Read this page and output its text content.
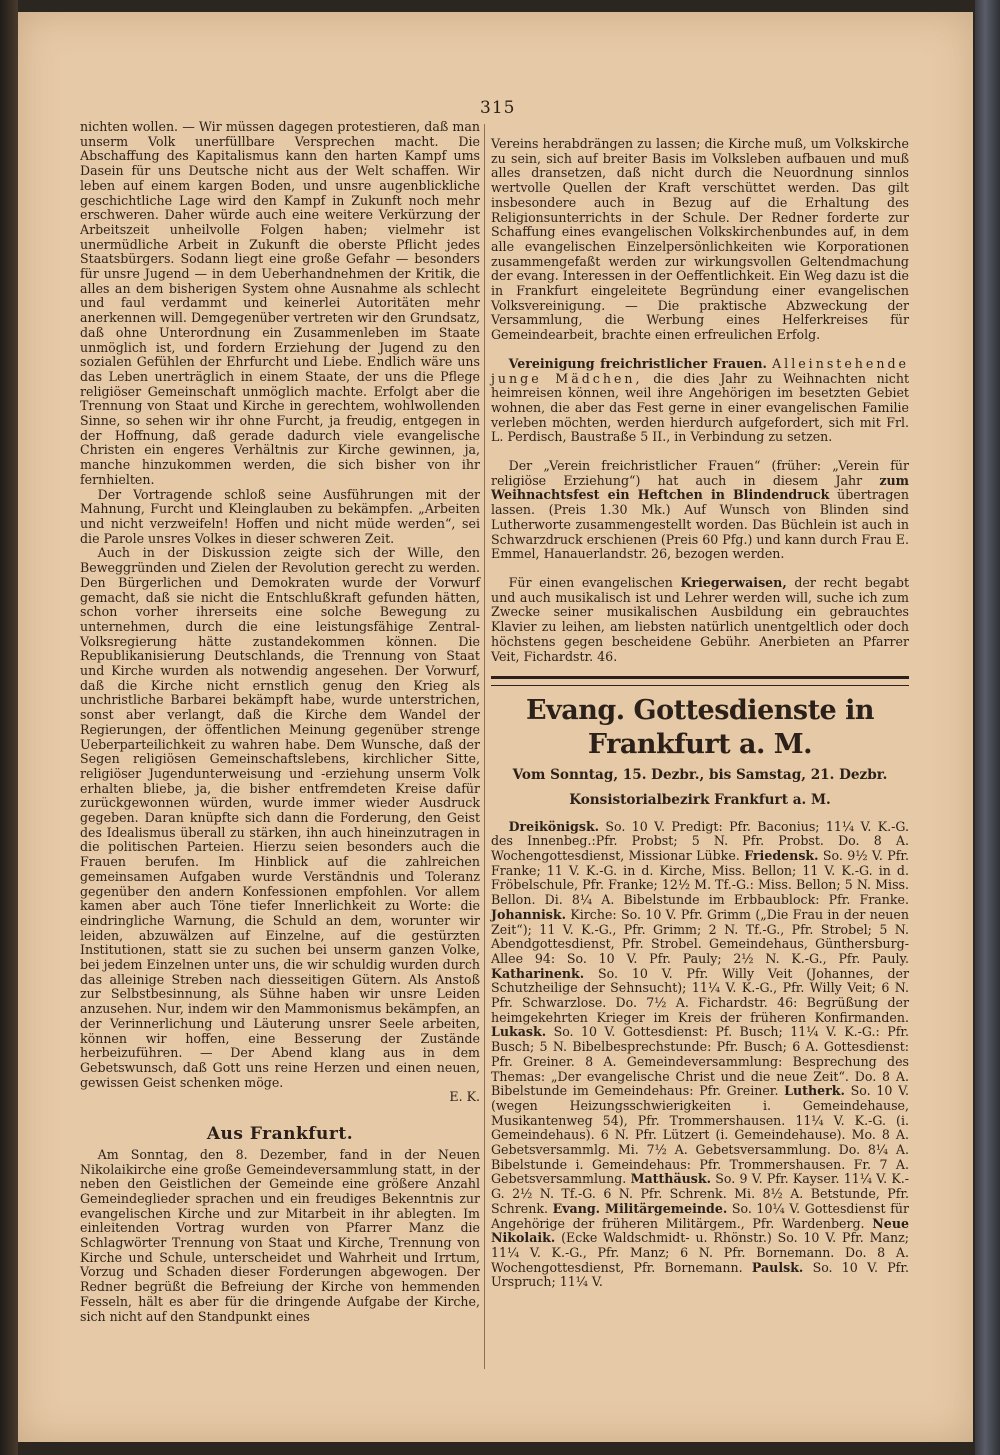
315

nichten wollen. — Wir müssen dagegen protestieren, daß man unserm Volk unerfüllbare Versprechen macht. Die Abschaffung des Kapitalismus kann den harten Kampf ums Dasein für uns Deutsche nicht aus der Welt schaffen. Wir leben auf einem kargen Boden, und unsre augenblickliche geschichtliche Lage wird den Kampf in Zukunft noch mehr erschweren. Daher würde auch eine weitere Verkürzung der Arbeitszeit unheilvolle Folgen haben; vielmehr ist unermüdliche Arbeit in Zukunft die oberste Pflicht jedes Staatsbürgers. Sodann liegt eine große Gefahr — besonders für unsre Jugend — in dem Ueberhandnehmen der Kritik, die alles an dem bisherigen System ohne Ausnahme als schlecht und faul verdammt und keinerlei Autoritäten mehr anerkennen will. Demgegenüber vertreten wir den Grundsatz, daß ohne Unterordnung ein Zusammenleben im Staate unmöglich ist, und fordern Erziehung der Jugend zu den sozialen Gefühlen der Ehrfurcht und Liebe. Endlich wäre uns das Leben unerträglich in einem Staate, der uns die Pflege religiöser Gemeinschaft unmöglich machte. Erfolgt aber die Trennung von Staat und Kirche in gerechtem, wohlwollenden Sinne, so sehen wir ihr ohne Furcht, ja freudig, entgegen in der Hoffnung, daß gerade dadurch viele evangelische Christen ein engeres Verhältnis zur Kirche gewinnen, ja, manche hinzukommen werden, die sich bisher von ihr fernhielten.

Der Vortragende schloß seine Ausführungen mit der Mahnung, Furcht und Kleinglauben zu bekämpfen. „Arbeiten und nicht verzweifeln! Hoffen und nicht müde werden“, sei die Parole unsres Volkes in dieser schweren Zeit.

Auch in der Diskussion zeigte sich der Wille, den Beweggründen und Zielen der Revolution gerecht zu werden. Den Bürgerlichen und Demokraten wurde der Vorwurf gemacht, daß sie nicht die Entschlußkraft gefunden hätten, schon vorher ihrerseits eine solche Bewegung zu unternehmen, durch die eine leistungsfähige Zentral-Volksregierung hätte zustandekommen können. Die Republikanisierung Deutschlands, die Trennung von Staat und Kirche wurden als notwendig angesehen. Der Vorwurf, daß die Kirche nicht ernstlich genug den Krieg als unchristliche Barbarei bekämpft habe, wurde unterstrichen, sonst aber verlangt, daß die Kirche dem Wandel der Regierungen, der öffentlichen Meinung gegenüber strenge Ueberparteilichkeit zu wahren habe. Dem Wunsche, daß der Segen religiösen Gemeinschaftslebens, kirchlicher Sitte, religiöser Jugendunterweisung und -erziehung unserm Volk erhalten bliebe, ja, die bisher entfremdeten Kreise dafür zurückgewonnen würden, wurde immer wieder Ausdruck gegeben. Daran knüpfte sich dann die Forderung, den Geist des Idealismus überall zu stärken, ihn auch hineinzutragen in die politischen Parteien. Hierzu seien besonders auch die Frauen berufen. Im Hinblick auf die zahlreichen gemeinsamen Aufgaben wurde Verständnis und Toleranz gegenüber den andern Konfessionen empfohlen. Vor allem kamen aber auch Töne tiefer Innerlichkeit zu Worte: die eindringliche Warnung, die Schuld an dem, worunter wir leiden, abzuwälzen auf Einzelne, auf die gestürzten Institutionen, statt sie zu suchen bei unserm ganzen Volke, bei jedem Einzelnen unter uns, die wir schuldig wurden durch das alleinige Streben nach diesseitigen Gütern. Als Anstoß zur Selbstbesinnung, als Sühne haben wir unsre Leiden anzusehen. Nur, indem wir den Mammonismus bekämpfen, an der Verinnerlichung und Läuterung unsrer Seele arbeiten, können wir hoffen, eine Besserung der Zustände herbeizuführen. — Der Abend klang aus in dem Gebetswunsch, daß Gott uns reine Herzen und einen neuen, gewissen Geist schenken möge.

E. K.
Aus Frankfurt.

Am Sonntag, den 8. Dezember, fand in der Neuen Nikolaikirche eine große Gemeindeversammlung statt, in der neben den Geistlichen der Gemeinde eine größere Anzahl Gemeindeglieder sprachen und ein freudiges Bekenntnis zur evangelischen Kirche und zur Mitarbeit in ihr ablegten. Im einleitenden Vortrag wurden von Pfarrer Manz die Schlagwörter Trennung von Staat und Kirche, Trennung von Kirche und Schule, unterscheidet und Wahrheit und Irrtum, Vorzug und Schaden dieser Forderungen abgewogen. Der Redner begrüßt die Befreiung der Kirche von hemmenden Fesseln, hält es aber für die dringende Aufgabe der Kirche, sich nicht auf den Standpunkt eines

Vereins herabdrängen zu lassen; die Kirche muß, um Volkskirche zu sein, sich auf breiter Basis im Volksleben aufbauen und muß alles dransetzen, daß nicht durch die Neuordnung sinnlos wertvolle Quellen der Kraft verschüttet werden. Das gilt insbesondere auch in Bezug auf die Erhaltung des Religionsunterrichts in der Schule. Der Redner forderte zur Schaffung eines evangelischen Volkskirchenbundes auf, in dem alle evangelischen Einzelpersönlichkeiten wie Korporationen zusammengefaßt werden zur wirkungsvollen Geltendmachung der evang. Interessen in der Oeffentlichkeit. Ein Weg dazu ist die in Frankfurt eingeleitete Begründung einer evangelischen Volksvereinigung. — Die praktische Abzweckung der Versammlung, die Werbung eines Helferkreises für Gemeindearbeit, brachte einen erfreulichen Erfolg.

Vereinigung freichristlicher Frauen. Alleinstehende junge Mädchen, die dies Jahr zu Weihnachten nicht heimreisen können, weil ihre Angehörigen im besetzten Gebiet wohnen, die aber das Fest gerne in einer evangelischen Familie verleben möchten, werden hierdurch aufgefordert, sich mit Frl. L. Perdisch, Baustraße 5 II., in Verbindung zu setzen.

Der „Verein freichristlicher Frauen“ (früher: „Verein für religiöse Erziehung“) hat auch in diesem Jahr zum Weihnachtsfest ein Heftchen in Blindendruck übertragen lassen. (Preis 1.30 Mk.) Auf Wunsch von Blinden sind Lutherworte zusammengestellt worden. Das Büchlein ist auch in Schwarzdruck erschienen (Preis 60 Pfg.) und kann durch Frau E. Emmel, Hanauerlandstr. 26, bezogen werden.

Für einen evangelischen Kriegerwaisen, der recht begabt und auch musikalisch ist und Lehrer werden will, suche ich zum Zwecke seiner musikalischen Ausbildung ein gebrauchtes Klavier zu leihen, am liebsten natürlich unentgeltlich oder doch höchstens gegen bescheidene Gebühr. Anerbieten an Pfarrer Veit, Fichardstr. 46.

Evang. Gottesdienste in Frankfurt a. M.
Vom Sonntag, 15. Dezbr., bis Samstag, 21. Dezbr.
Konsistorialbezirk Frankfurt a. M.

Dreikönigsk. So. 10 V. Predigt: Pfr. Baconius; 11¼ V. K.-G. des Innenbeg.:Pfr. Probst; 5 N. Pfr. Probst. Do. 8 A. Wochengottesdienst, Missionar Lübke. Friedensk. So. 9½ V. Pfr. Franke; 11 V. K.-G. in d. Kirche, Miss. Bellon; 11 V. K.-G. in d. Fröbelschule, Pfr. Franke; 12½ M. Tf.-G.: Miss. Bellon; 5 N. Miss. Bellon. Di. 8¼ A. Bibelstunde im Erbbaublock: Pfr. Franke. Johannisk. Kirche: So. 10 V. Pfr. Grimm („Die Frau in der neuen Zeit“); 11 V. K.-G., Pfr. Grimm; 2 N. Tf.-G., Pfr. Strobel; 5 N. Abendgottesdienst, Pfr. Strobel. Gemeindehaus, Günthersburg-Allee 94: So. 10 V. Pfr. Pauly; 2½ N. K.-G., Pfr. Pauly. Katharinenk. So. 10 V. Pfr. Willy Veit (Johannes, der Schutzheilige der Sehnsucht); 11¼ V. K.-G., Pfr. Willy Veit; 6 N. Pfr. Schwarzlose. Do. 7½ A. Fichardstr. 46: Begrüßung der heimgekehrten Krieger im Kreis der früheren Konfirmanden. Lukask. So. 10 V. Gottesdienst: Pf. Busch; 11¼ V. K.-G.: Pfr. Busch; 5 N. Bibelbesprechstunde: Pfr. Busch; 6 A. Gottesdienst: Pfr. Greiner. 8 A. Gemeindeversammlung: Besprechung des Themas: „Der evangelische Christ und die neue Zeit“. Do. 8 A. Bibelstunde im Gemeindehaus: Pfr. Greiner. Lutherk. So. 10 V. (wegen Heizungsschwierigkeiten i. Gemeindehause, Musikantenweg 54), Pfr. Trommershausen. 11¼ V. K.-G. (i. Gemeindehaus). 6 N. Pfr. Lützert (i. Gemeindehause). Mo. 8 A. Gebetsversammlg. Mi. 7½ A. Gebetsversammlung. Do. 8¼ A. Bibelstunde i. Gemeindehaus: Pfr. Trommershausen. Fr. 7 A. Gebetsversammlung. Matthäusk. So. 9 V. Pfr. Kayser. 11¼ V. K.-G. 2½ N. Tf.-G. 6 N. Pfr. Schrenk. Mi. 8½ A. Betstunde, Pfr. Schrenk. Evang. Militärgemeinde. So. 10¼ V. Gottesdienst für Angehörige der früheren Militärgem., Pfr. Wardenberg. Neue Nikolaik. (Ecke Waldschmidt- u. Rhönstr.) So. 10 V. Pfr. Manz; 11¼ V. K.-G., Pfr. Manz; 6 N. Pfr. Bornemann. Do. 8 A. Wochengottesdienst, Pfr. Bornemann. Paulsk. So. 10 V. Pfr. Urspruch; 11¼ V.
